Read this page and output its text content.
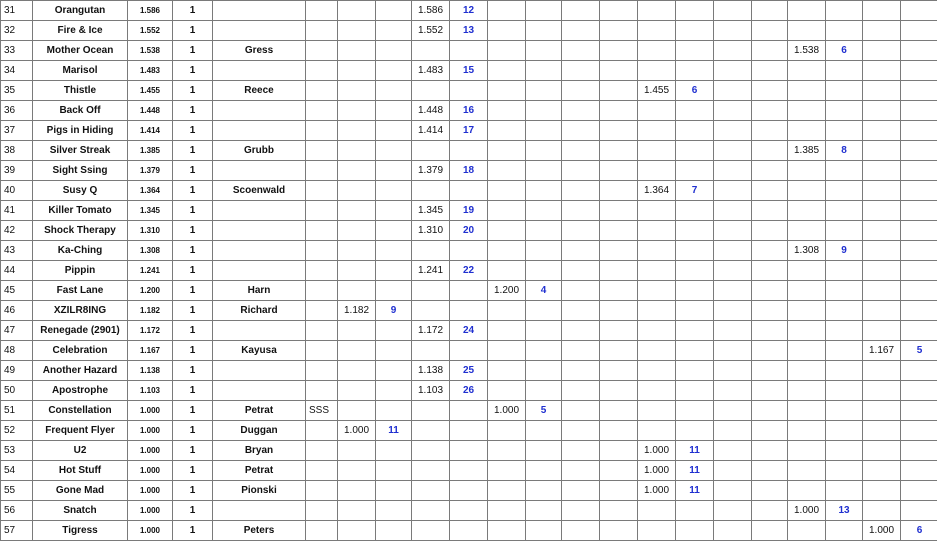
31	Orangutan	1.586	1					1.586	12												
32	Fire & Ice	1.552	1					1.552	13												
33	Mother Ocean	1.538	1	Gress														1.538	6		
34	Marisol	1.483	1					1.483	15												
35	Thistle	1.455	1	Reece										1.455	6						
36	Back Off	1.448	1					1.448	16												
37	Pigs in Hiding	1.414	1					1.414	17												
38	Silver Streak	1.385	1	Grubb														1.385	8		
39	Sight Ssing	1.379	1					1.379	18												
40	Susy Q	1.364	1	Scoenwald										1.364	7						
41	Killer Tomato	1.345	1					1.345	19												
42	Shock Therapy	1.310	1					1.310	20												
43	Ka-Ching	1.308	1															1.308	9		
44	Pippin	1.241	1					1.241	22												
45	Fast Lane	1.200	1	Harn						1.200	4										
46	XZILR8ING	1.182	1	Richard		1.182	9														
47	Renegade (2901)	1.172	1					1.172	24												
48	Celebration	1.167	1	Kayusa																1.167	5
49	Another Hazard	1.138	1					1.138	25												
50	Apostrophe	1.103	1					1.103	26												
51	Constellation	1.000	1	Petrat	SSS					1.000	5										
52	Frequent Flyer	1.000	1	Duggan		1.000	11														
53	U2	1.000	1	Bryan										1.000	11						
54	Hot Stuff	1.000	1	Petrat										1.000	11						
55	Gone Mad	1.000	1	Pionski										1.000	11						
56	Snatch	1.000	1															1.000	13		
57	Tigress	1.000	1	Peters																1.000	6
